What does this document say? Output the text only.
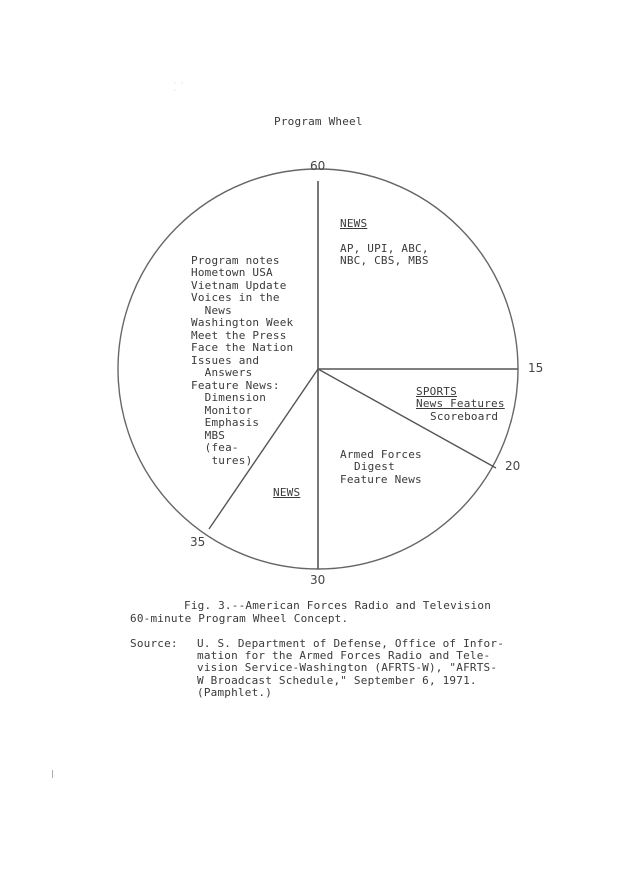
· · ·
Program Wheel
60
15
20
30
35
NEWS
AP, UPI, ABC,
NBC, CBS, MBS
SPORTS
News Features
Scoreboard
Armed Forces
Digest
Feature News
NEWS

Program notes
Hometown USA
Vietnam Update
Voices in the
News
Washington Week
Meet the Press
Face the Nation
Issues and
Answers
Feature News:
Dimension
Monitor
Emphasis
MBS
(fea-
tures)

Fig. 3.--American Forces Radio and Television
60-minute Program Wheel Concept.
Source: U. S. Department of Defense, Office of Infor-
mation for the Armed Forces Radio and Tele-
vision Service-Washington (AFRTS-W), "AFRTS-
W Broadcast Schedule," September 6, 1971.
(Pamphlet.)
